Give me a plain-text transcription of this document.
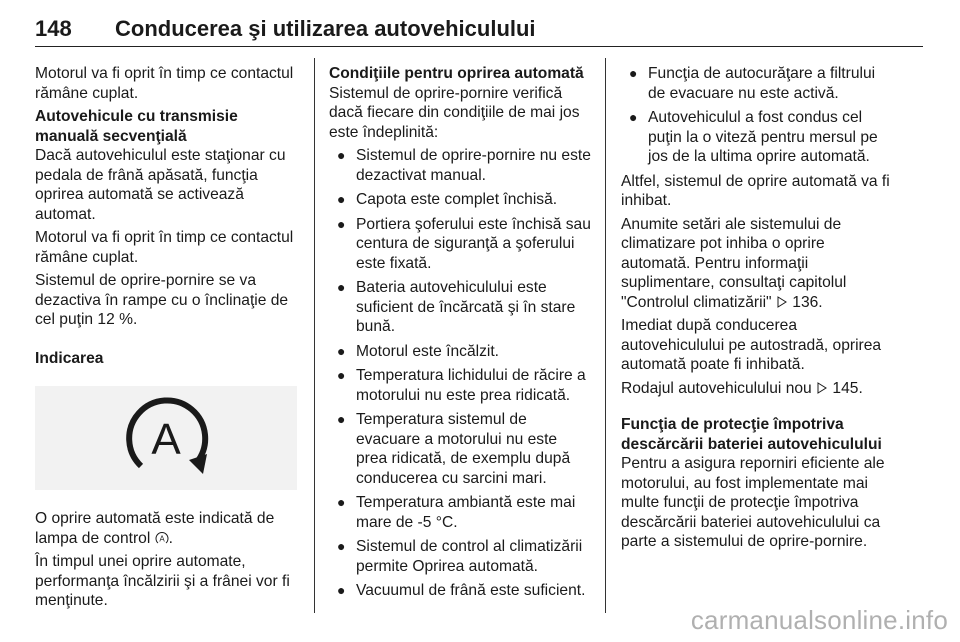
148 Conducerea şi utilizarea autovehiculului

Motorul va fi oprit în timp ce contactul rămâne cuplat.

Autovehicule cu transmisie manuală secvenţială

Dacă autovehiculul este staţionar cu pedala de frână apăsată, funcţia oprirea automată se activează automat.

Motorul va fi oprit în timp ce contactul rămâne cuplat.

Sistemul de oprire-pornire se va dezactiva în rampe cu o înclinaţie de cel puţin 12 %.

Indicarea

A

O oprire automată este indicată de lampa de control A .

În timpul unei oprire automate, performanţa încălzirii şi a frânei vor fi menţinute.

Condiţiile pentru oprirea automată

Sistemul de oprire-pornire verifică dacă fiecare din condiţiile de mai jos este îndeplinită:

● Sistemul de oprire-pornire nu este dezactivat manual.
● Capota este complet închisă.
● Portiera şoferului este închisă sau centura de siguranţă a şoferului este fixată.
● Bateria autovehiculului este suficient de încărcată şi în stare bună.
● Motorul este încălzit.
● Temperatura lichidului de răcire a motorului nu este prea ridicată.
● Temperatura sistemul de evacuare a motorului nu este prea ridicată, de exemplu după conducerea cu sarcini mari.
● Temperatura ambiantă este mai mare de -5 °C.
● Sistemul de control al climatizării permite Oprirea automată.
● Vacuumul de frână este suficient.
● Funcţia de autocurăţare a filtrului de evacuare nu este activă.
● Autovehiculul a fost condus cel puţin la o viteză pentru mersul pe jos de la ultima oprire automată.

Altfel, sistemul de oprire automată va fi inhibat.

Anumite setări ale sistemului de climatizare pot inhiba o oprire automată. Pentru informaţii suplimentare, consultaţi capitolul "Controlul climatizării" 136.

Imediat după conducerea autovehiculului pe autostradă, oprirea automată poate fi inhibată.

Rodajul autovehiculului nou 145.

Funcţia de protecţie împotriva descărcării bateriei autovehiculului

Pentru a asigura reporniri eficiente ale motorului, au fost implementate mai multe funcţii de protecţie împotriva descărcării bateriei autovehiculului ca parte a sistemului de oprire-pornire.

carmanualsonline.info
